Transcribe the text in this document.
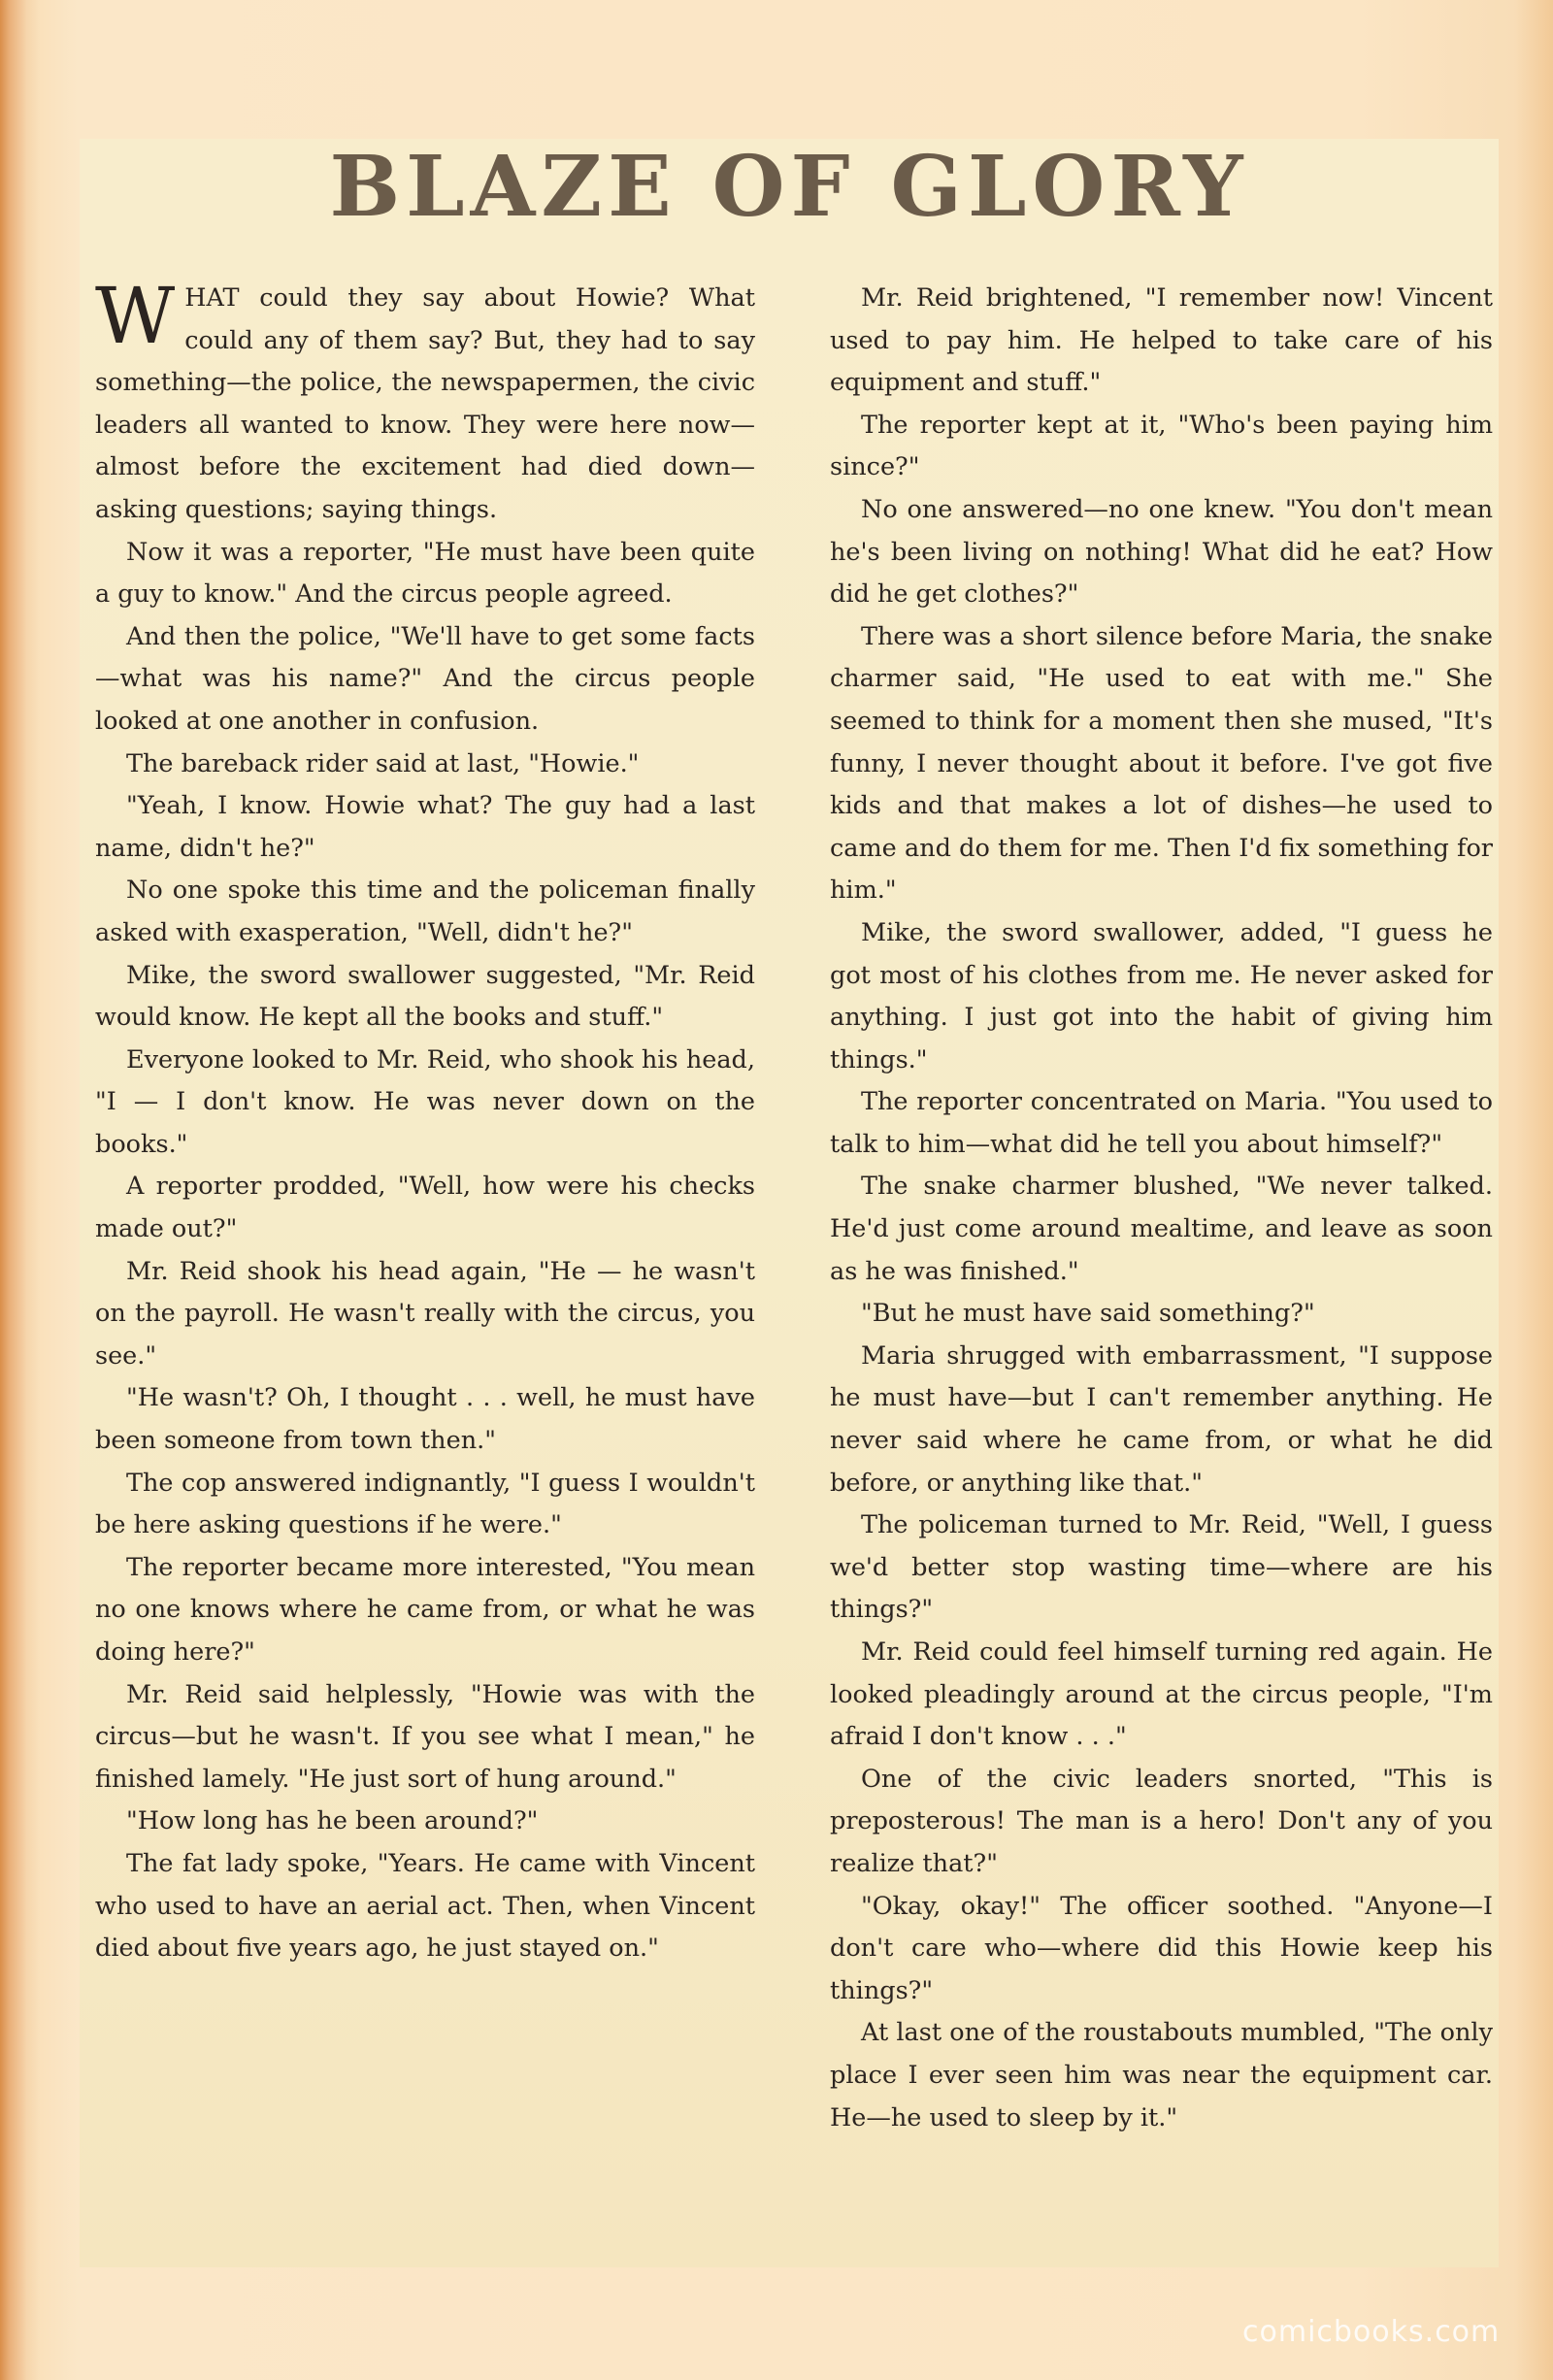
BLAZE OF GLORY

WHAT could they say about Howie? What could any of them say? But, they had to say something—the police, the newspapermen, the civic leaders all wanted to know. They were here now—almost before the excitement had died down—asking questions; saying things.

Now it was a reporter, "He must have been quite a guy to know." And the circus people agreed.

And then the police, "We'll have to get some facts—what was his name?" And the circus people looked at one another in confusion.

The bareback rider said at last, "Howie."

"Yeah, I know. Howie what? The guy had a last name, didn't he?"

No one spoke this time and the policeman finally asked with exasperation, "Well, didn't he?"

Mike, the sword swallower suggested, "Mr. Reid would know. He kept all the books and stuff."

Everyone looked to Mr. Reid, who shook his head, "I — I don't know. He was never down on the books."

A reporter prodded, "Well, how were his checks made out?"

Mr. Reid shook his head again, "He — he wasn't on the payroll. He wasn't really with the circus, you see."

"He wasn't? Oh, I thought . . . well, he must have been someone from town then."

The cop answered indignantly, "I guess I wouldn't be here asking questions if he were."

The reporter became more interested, "You mean no one knows where he came from, or what he was doing here?"

Mr. Reid said helplessly, "Howie was with the circus—but he wasn't. If you see what I mean," he finished lamely. "He just sort of hung around."

"How long has he been around?"

The fat lady spoke, "Years. He came with Vincent who used to have an aerial act. Then, when Vincent died about five years ago, he just stayed on."

Mr. Reid brightened, "I remember now! Vincent used to pay him. He helped to take care of his equipment and stuff."

The reporter kept at it, "Who's been paying him since?"

No one answered—no one knew. "You don't mean he's been living on nothing! What did he eat? How did he get clothes?"

There was a short silence before Maria, the snake charmer said, "He used to eat with me." She seemed to think for a moment then she mused, "It's funny, I never thought about it before. I've got five kids and that makes a lot of dishes—he used to came and do them for me. Then I'd fix something for him."

Mike, the sword swallower, added, "I guess he got most of his clothes from me. He never asked for anything. I just got into the habit of giving him things."

The reporter concentrated on Maria. "You used to talk to him—what did he tell you about himself?"

The snake charmer blushed, "We never talked. He'd just come around mealtime, and leave as soon as he was finished."

"But he must have said something?"

Maria shrugged with embarrassment, "I suppose he must have—but I can't remember anything. He never said where he came from, or what he did before, or anything like that."

The policeman turned to Mr. Reid, "Well, I guess we'd better stop wasting time—where are his things?"

Mr. Reid could feel himself turning red again. He looked pleadingly around at the circus people, "I'm afraid I don't know . . ."

One of the civic leaders snorted, "This is preposterous! The man is a hero! Don't any of you realize that?"

"Okay, okay!" The officer soothed. "Anyone—I don't care who—where did this Howie keep his things?"

At last one of the roustabouts mumbled, "The only place I ever seen him was near the equipment car. He—he used to sleep by it."

comicbooks.com
